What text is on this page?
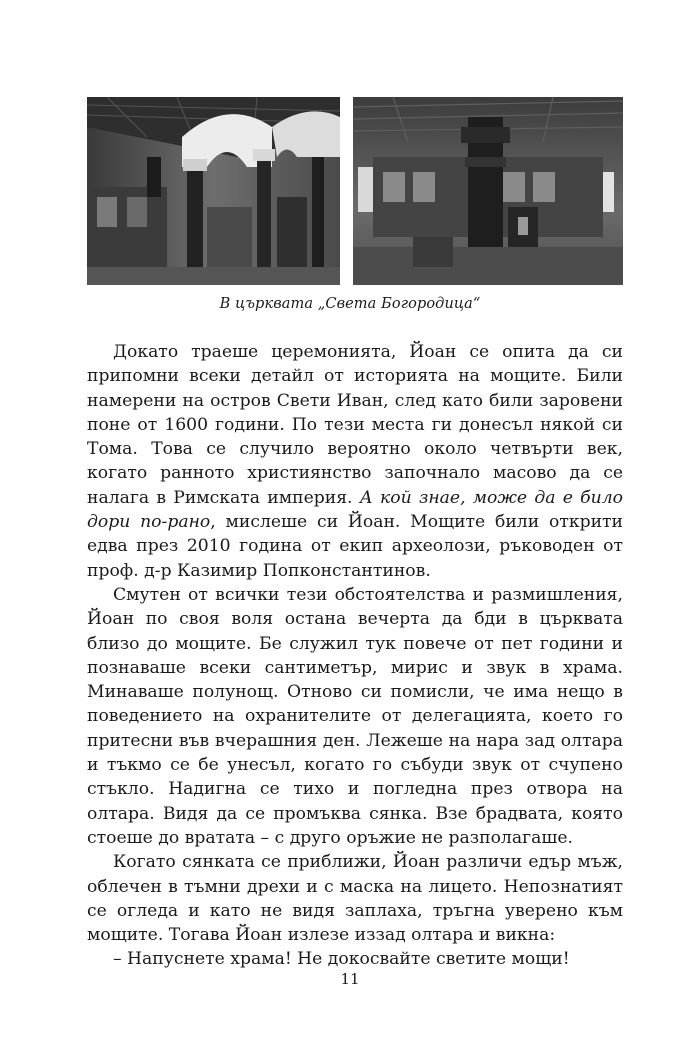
В църквата „Света Богородица“

Докато траеше церемонията, Йоан се опита да си припомни всеки детайл от историята на мощите. Били намерени на остров Свети Иван, след като били заровени поне от 1600 години. По тези места ги донесъл някой си Тома. Това се случило вероятно около четвърти век, когато ранното християнство започнало масово да се налага в Римската империя. А кой знае, може да е било дори по-рано, мислеше си Йоан. Мощите били открити едва през 2010 година от екип археолози, ръководен от проф. д-р Казимир Попконстантинов.

Смутен от всички тези обстоятелства и размишления, Йоан по своя воля остана вечерта да бди в църквата близо до мощите. Бе служил тук повече от пет години и познаваше всеки сантиметър, мирис и звук в храма. Минаваше полунощ. Отново си помисли, че има нещо в поведението на охранителите от делегацията, което го притесни във вчерашния ден. Лежеше на нара зад олтара и тъкмо се бе унесъл, когато го събуди звук от счупено стъкло. Надигна се тихо и погледна през отвора на олтара. Видя да се промъква сянка. Взе брадвата, която стоеше до вратата – с друго оръжие не разполагаше.

Когато сянката се приближи, Йоан различи едър мъж, облечен в тъмни дрехи и с маска на лицето. Непознатият се огледа и като не видя заплаха, тръгна уверено към мощите. Тогава Йоан излезе иззад олтара и викна:

– Напуснете храма! Не докосвайте светите мощи!

11
